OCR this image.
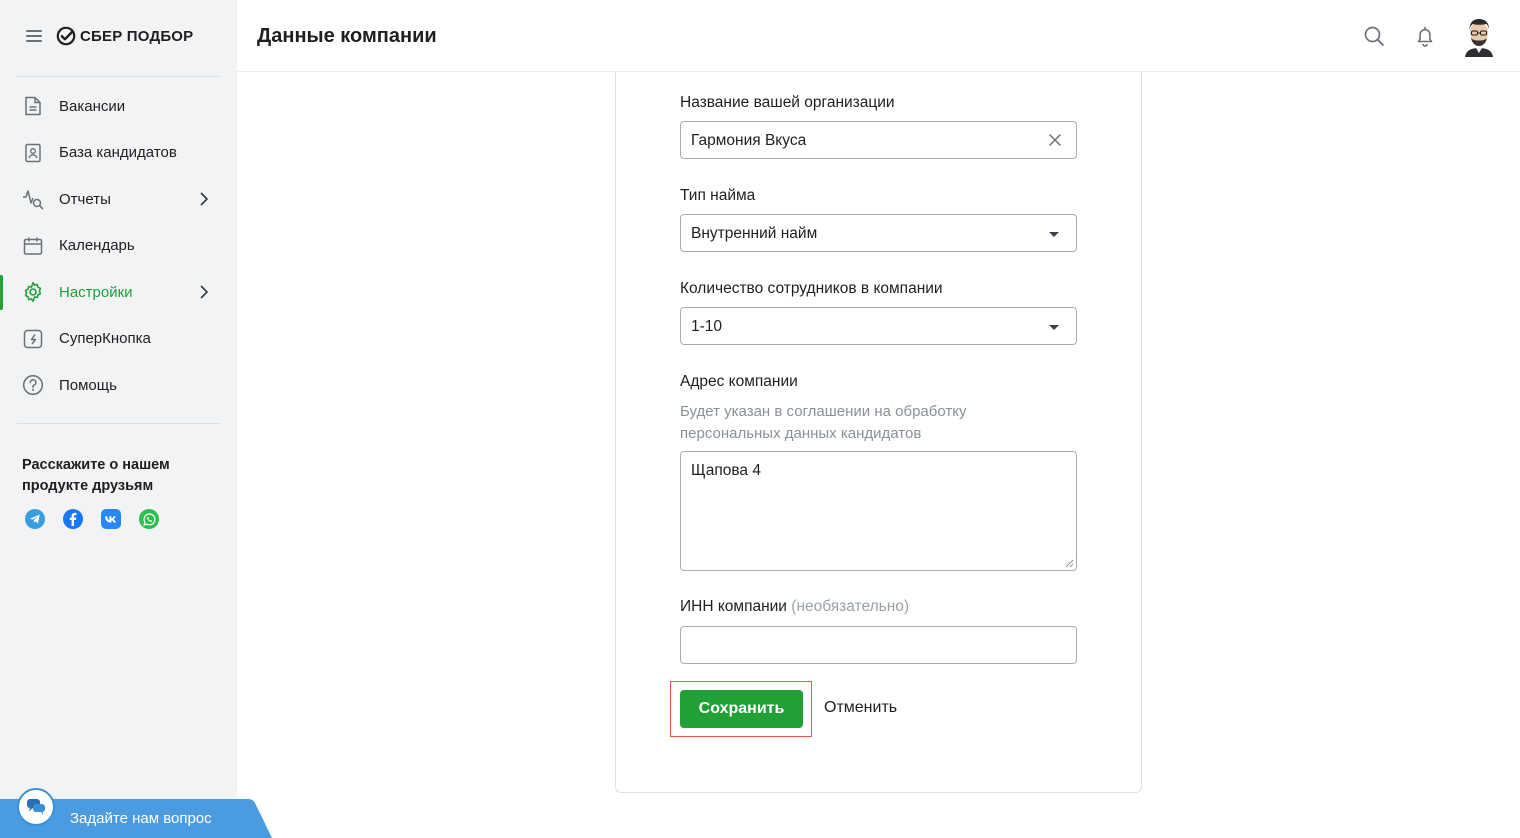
СБЕР ПОДБОР
Вакансии
База кандидатов
Отчеты
Календарь
Настройки
СуперКнопка
Помощь
Расскажите о нашем продукте друзьям
Задайте нам вопрос
Данные компании
Название вашей организации
Гармония Вкуса
Тип найма
Внутренний найм
Количество сотрудников в компании
1-10
Адрес компании
Будет указан в соглашении на обработку персональных данных кандидатов
Щапова 4
ИНН компании (необязательно)
Сохранить	Отменить
